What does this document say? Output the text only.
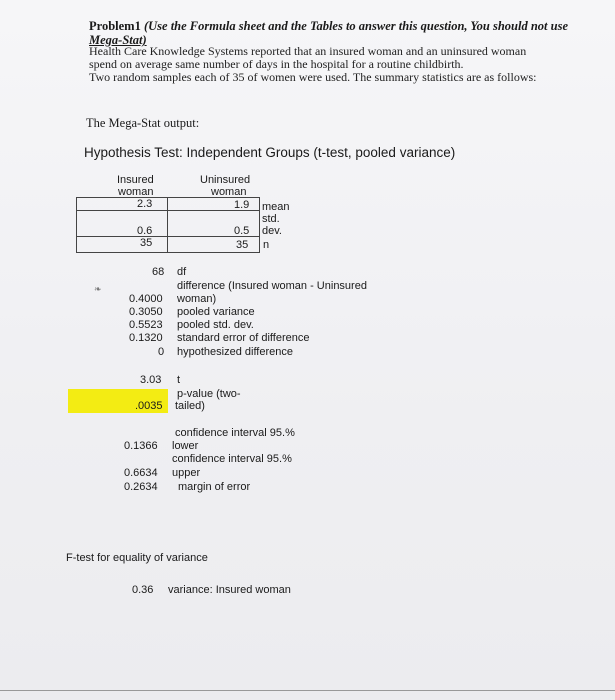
Problem1 (Use the Formula sheet and the Tables to answer this question, You should not use
Mega-Stat)
Health Care Knowledge Systems reported that an insured woman and an uninsured woman
spend on average same number of days in the hospital for a routine childbirth.
Two random samples each of 35 of women were used. The summary statistics are as follows:
The Mega-Stat output:
Hypothesis Test: Independent Groups (t-test, pooled variance)
Insured
woman
Uninsured
woman
2.3	1.9 mean
std.
0.6	0.5 dev.
35	35 n
❧
68 df
difference (Insured woman - Uninsured
0.4000 woman)
0.3050 pooled variance
0.5523 pooled std. dev.
0.1320 standard error of difference
0 hypothesized difference
3.03 t
p-value (two-
.0035 tailed)
confidence interval 95.%
0.1366 lower
confidence interval 95.%
0.6634 upper
0.2634 margin of error
F-test for equality of variance
0.36 variance: Insured woman
